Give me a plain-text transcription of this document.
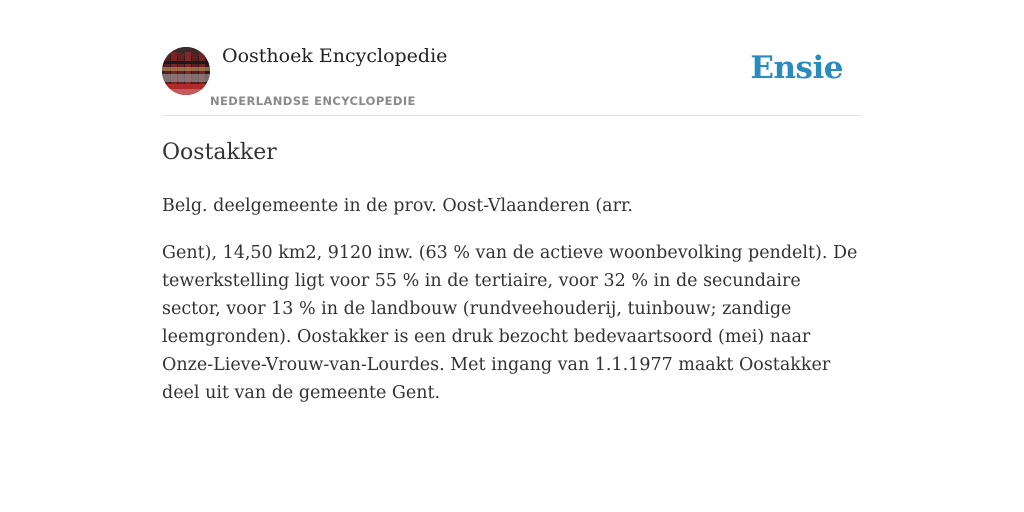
Oosthoek Encyclopedie
NEDERLANDSE ENCYCLOPEDIE
Ensie
Oostakker

Belg. deelgemeente in de prov. Oost-Vlaanderen (arr.

Gent), 14,50 km2, 9120 inw. (63 % van de actieve woonbevolking pendelt). De tewerkstelling ligt voor 55 % in de tertiaire, voor 32 % in de secundaire sector, voor 13 % in de landbouw (rundveehouderij, tuinbouw; zandige leemgronden). Oostakker is een druk bezocht bedevaartsoord (mei) naar Onze-Lieve-Vrouw-van-Lourdes. Met ingang van 1.1.1977 maakt Oostakker deel uit van de gemeente Gent.
